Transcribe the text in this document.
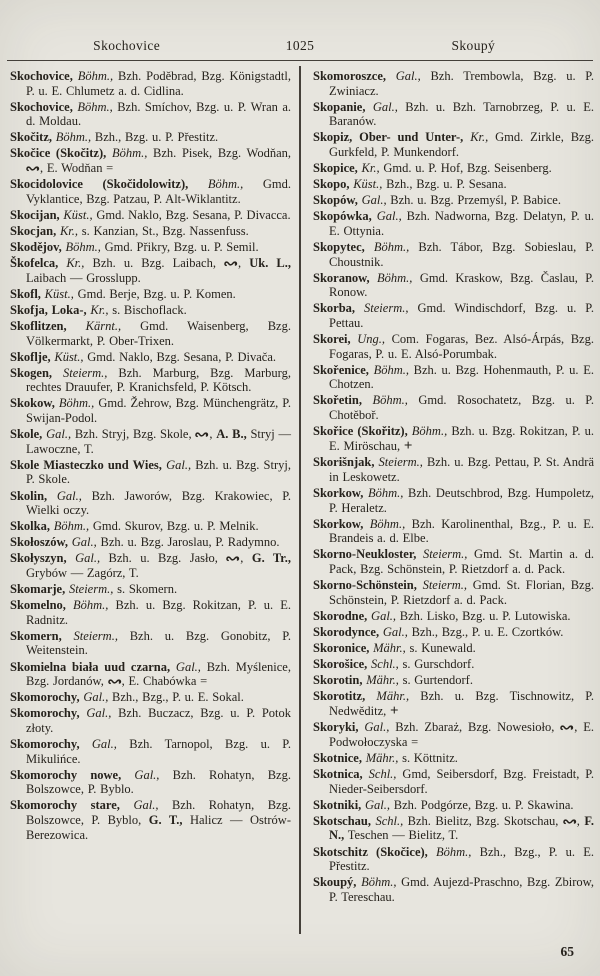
Skochovice	1025	Skoupý
Skochovice, Böhm., Bzh. Poděbrad, Bzg. Königstadtl, P. u. E. Chlumetz a. d. Cidlina.
Skochovice, Böhm., Bzh. Smíchov, Bzg. u. P. Wran a. d. Moldau.
Skočitz, Böhm., Bzh., Bzg. u. P. Přestitz.
Skočice (Skočitz), Böhm., Bzh. Pisek, Bzg. Wodňan,
, E. Wodňan =
Skocidolovice (Skočidolowitz), Böhm., Gmd. Vyklantice, Bzg. Patzau, P. Alt-Wiklantitz.
Skocijan, Küst., Gmd. Naklo, Bzg. Sesana, P. Divacca.
Skocjan, Kr., s. Kanzian, St., Bzg. Nassenfuss.
Skodějov, Böhm., Gmd. Přikry, Bzg. u. P. Semil.
Škofelca, Kr., Bzh. u. Bzg. Laibach, , Uk. L., Laibach — Grosslupp.
Skofl, Küst., Gmd. Berje, Bzg. u. P. Komen.
Skofja, Loka-, Kr., s. Bischoflack.
Skoflitzen, Kärnt., Gmd. Waisenberg, Bzg. Völkermarkt, P. Ober-Trixen.
Skoflje, Küst., Gmd. Naklo, Bzg. Sesana, P. Divača.
Skogen, Steierm., Bzh. Marburg, Bzg. Marburg, rechtes Drauufer, P. Kranichsfeld, P. Kötsch.
Skokow, Böhm., Gmd. Žehrow, Bzg. Münchengrätz, P. Swijan-Podol.
Skole, Gal., Bzh. Stryj, Bzg. Skole, , A. B., Stryj — Lawoczne, T.
Skole Miasteczko und Wies, Gal., Bzh. u. Bzg. Stryj, P. Skole.
Skolin, Gal., Bzh. Jaworów, Bzg. Krakowiec, P. Wielki oczy.
Skolka, Böhm., Gmd. Skurov, Bzg. u. P. Melnik.
Skołoszów, Gal., Bzh. u. Bzg. Jaroslau, P. Radymno.
Skołyszyn, Gal., Bzh. u. Bzg. Jasło, , G. Tr., Grybów — Zagórz, T.
Skomarje, Steierm., s. Skomern.
Skomelno, Böhm., Bzh. u. Bzg. Rokitzan, P. u. E. Radnitz.
Skomern, Steierm., Bzh. u. Bzg. Gonobitz, P. Weitenstein.
Skomielna biała uud czarna, Gal., Bzh. Myślenice, Bzg. Jordanów, , E. Chabówka =
Skomorochy, Gal., Bzh., Bzg., P. u. E. Sokal.
Skomorochy, Gal., Bzh. Buczacz, Bzg. u. P. Potok złoty.
Skomorochy, Gal., Bzh. Tarnopol, Bzg. u. P. Mikulińce.
Skomorochy nowe, Gal., Bzh. Rohatyn, Bzg. Bolszowce, P. Byblo.
Skomorochy stare, Gal., Bzh. Rohatyn, Bzg. Bolszowce, P. Byblo, G. T., Halicz — Ostrów-Berezowica.
Skomoroszce, Gal., Bzh. Trembowla, Bzg. u. P. Zwiniacz.
Skopanie, Gal., Bzh. u. Bzh. Tarnobrzeg, P. u. E. Baranów.
Skopiz, Ober- und Unter-, Kr., Gmd. Zirkle, Bzg. Gurkfeld, P. Munkendorf.
Skopice, Kr., Gmd. u. P. Hof, Bzg. Seisenberg.
Skopo, Küst., Bzh., Bzg. u. P. Sesana.
Skopów, Gal., Bzh. u. Bzg. Przemyśl, P. Babice.
Skopówka, Gal., Bzh. Nadworna, Bzg. Delatyn, P. u. E. Ottynia.
Skopytec, Böhm., Bzh. Tábor, Bzg. Sobieslau, P. Choustnik.
Skoranow, Böhm., Gmd. Kraskow, Bzg. Časlau, P. Ronow.
Skorba, Steierm., Gmd. Windischdorf, Bzg. u. P. Pettau.
Skorei, Ung., Com. Fogaras, Bez. Alsó-Árpás, Bzg. Fogaras, P. u. E. Alsó-Porumbak.
Skořenice, Böhm., Bzh. u. Bzg. Hohenmauth, P. u. E. Chotzen.
Skořetin, Böhm., Gmd. Rosochatetz, Bzg. u. P. Chotěboř.
Skořice (Skořitz), Böhm., Bzh. u. Bzg. Rokitzan, P. u. E. Miröschau, +
Skorišnjak, Steierm., Bzh. u. Bzg. Pettau, P. St. Andrä in Leskowetz.
Skorkow, Böhm., Bzh. Deutschbrod, Bzg. Humpoletz, P. Heraletz.
Skorkow, Böhm., Bzh. Karolinenthal, Bzg., P. u. E. Brandeis a. d. Elbe.
Skorno-Neukloster, Steierm., Gmd. St. Martin a. d. Pack, Bzg. Schönstein, P. Rietzdorf a. d. Pack.
Skorno-Schönstein, Steierm., Gmd. St. Florian, Bzg. Schönstein, P. Rietzdorf a. d. Pack.
Skorodne, Gal., Bzh. Lisko, Bzg. u. P. Lutowiska.
Skorodynce, Gal., Bzh., Bzg., P. u. E. Czortków.
Skoronice, Mähr., s. Kunewald.
Skorošice, Schl., s. Gurschdorf.
Skorotin, Mähr., s. Gurtendorf.
Skorotitz, Mähr., Bzh. u. Bzg. Tischnowitz, P. Nedwěditz, +
Skoryki, Gal., Bzh. Zbaraż, Bzg. Nowesioło, , E. Podwołoczyska =
Skotnice, Mähr., s. Köttnitz.
Skotnica, Schl., Gmd, Seibersdorf, Bzg. Freistadt, P. Nieder-Seibersdorf.
Skotniki, Gal., Bzh. Podgórze, Bzg. u. P. Skawina.
Skotschau, Schl., Bzh. Bielitz, Bzg. Skotschau, , F. N., Teschen — Bielitz, T.
Skotschitz (Skočice), Böhm., Bzh., Bzg., P. u. E. Přestitz.
Skoupý, Böhm., Gmd. Aujezd-Praschno, Bzg. Zbirow, P. Tereschau.
65
